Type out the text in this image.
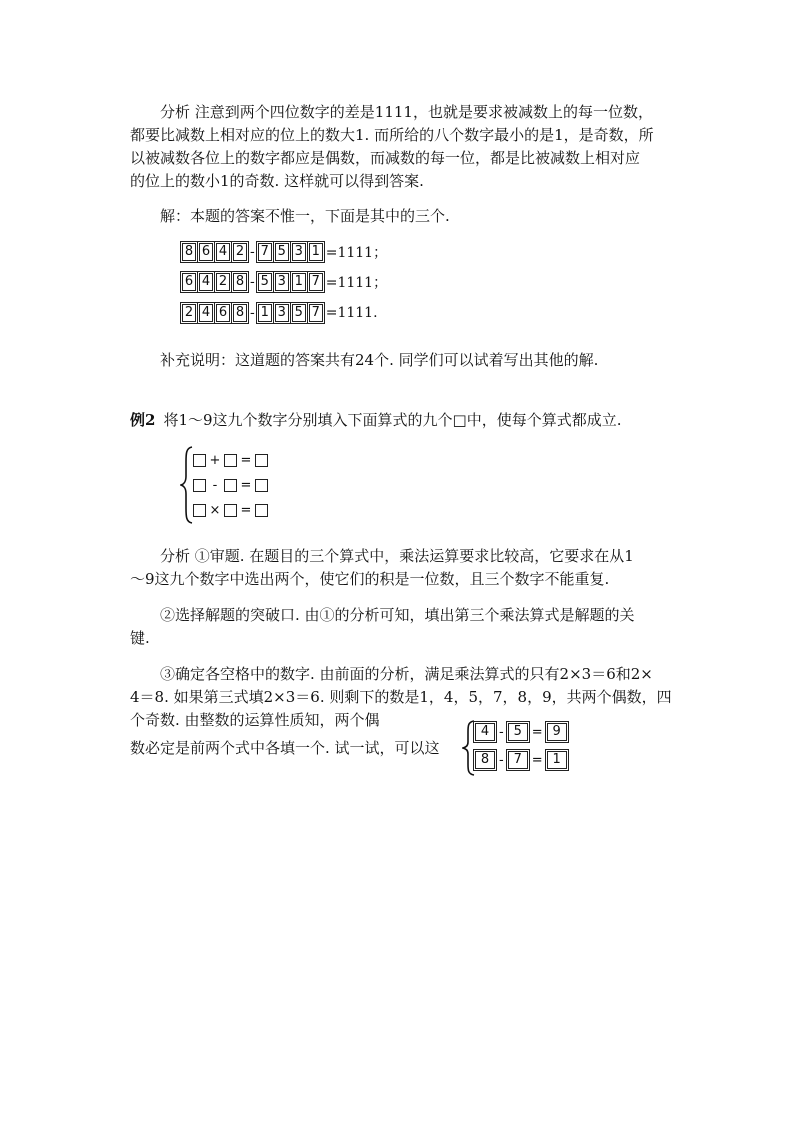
分析 注意到两个四位数字的差是1111，也就是要求被减数上的每一位数，
都要比减数上相对应的位上的数大1. 而所给的八个数字最小的是1，是奇数，所
以被减数各位上的数字都应是偶数，而减数的每一位，都是比被减数上相对应
的位上的数小1的奇数. 这样就可以得到答案.
解：本题的答案不惟一，下面是其中的三个.
8 6 4 2 - 7 5 3 1 =1111；
6 4 2 8 - 5 3 1 7 =1111；
2 4 6 8 - 1 3 5 7 =1111.
补充说明：这道题的答案共有24个. 同学们可以试着写出其他的解.
例2 将1～9这九个数字分别填入下面算式的九个□中，使每个算式都成立.
+ =
-	=
× =
分析 ①审题. 在题目的三个算式中，乘法运算要求比较高，它要求在从1
～9这九个数字中选出两个，使它们的积是一位数，且三个数字不能重复.
②选择解题的突破口. 由①的分析可知，填出第三个乘法算式是解题的关
键.
③确定各空格中的数字. 由前面的分析，满足乘法算式的只有2×3＝6和2×
4＝8. 如果第三式填2×3＝6. 则剩下的数是1，4，5，7，8，9，共两个偶数，四
个奇数. 由整数的运算性质知，两个偶
数必定是前两个式中各填一个. 试一试，可以这
4 - 5 = 9
8 - 7 = 1
